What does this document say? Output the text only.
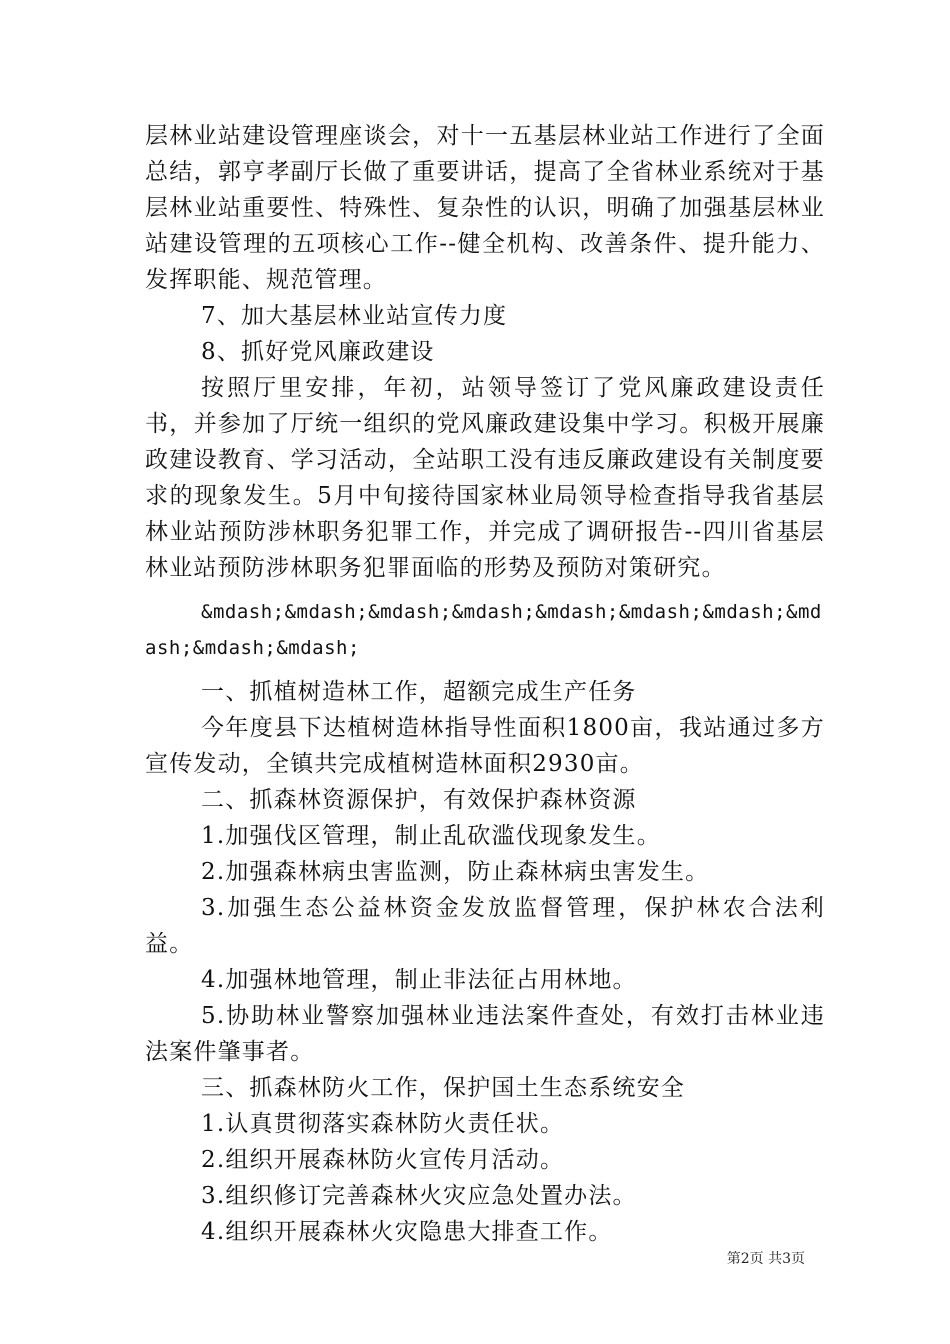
层林业站建设管理座谈会，对十一五基层林业站工作进行了全面总结，郭亨孝副厅长做了重要讲话，提高了全省林业系统对于基层林业站重要性、特殊性、复杂性的认识，明确了加强基层林业站建设管理的五项核心工作--健全机构、改善条件、提升能力、发挥职能、规范管理。

7、加大基层林业站宣传力度

8、抓好党风廉政建设

按照厅里安排，年初，站领导签订了党风廉政建设责任书，并参加了厅统一组织的党风廉政建设集中学习。积极开展廉政建设教育、学习活动，全站职工没有违反廉政建设有关制度要求的现象发生。5月中旬接待国家林业局领导检查指导我省基层林业站预防涉林职务犯罪工作，并完成了调研报告--四川省基层林业站预防涉林职务犯罪面临的形势及预防对策研究。

&mdash;&mdash;&mdash;&mdash;&mdash;&mdash;&mdash;&mdash;&mdash;&mdash;

一、抓植树造林工作，超额完成生产任务

今年度县下达植树造林指导性面积1800亩，我站通过多方宣传发动，全镇共完成植树造林面积2930亩。

二、抓森林资源保护，有效保护森林资源

1.加强伐区管理，制止乱砍滥伐现象发生。

2.加强森林病虫害监测，防止森林病虫害发生。

3.加强生态公益林资金发放监督管理，保护林农合法利益。

4.加强林地管理，制止非法征占用林地。

5.协助林业警察加强林业违法案件查处，有效打击林业违法案件肇事者。

三、抓森林防火工作，保护国土生态系统安全

1.认真贯彻落实森林防火责任状。

2.组织开展森林防火宣传月活动。

3.组织修订完善森林火灾应急处置办法。

4.组织开展森林火灾隐患大排查工作。

第2页 共3页
